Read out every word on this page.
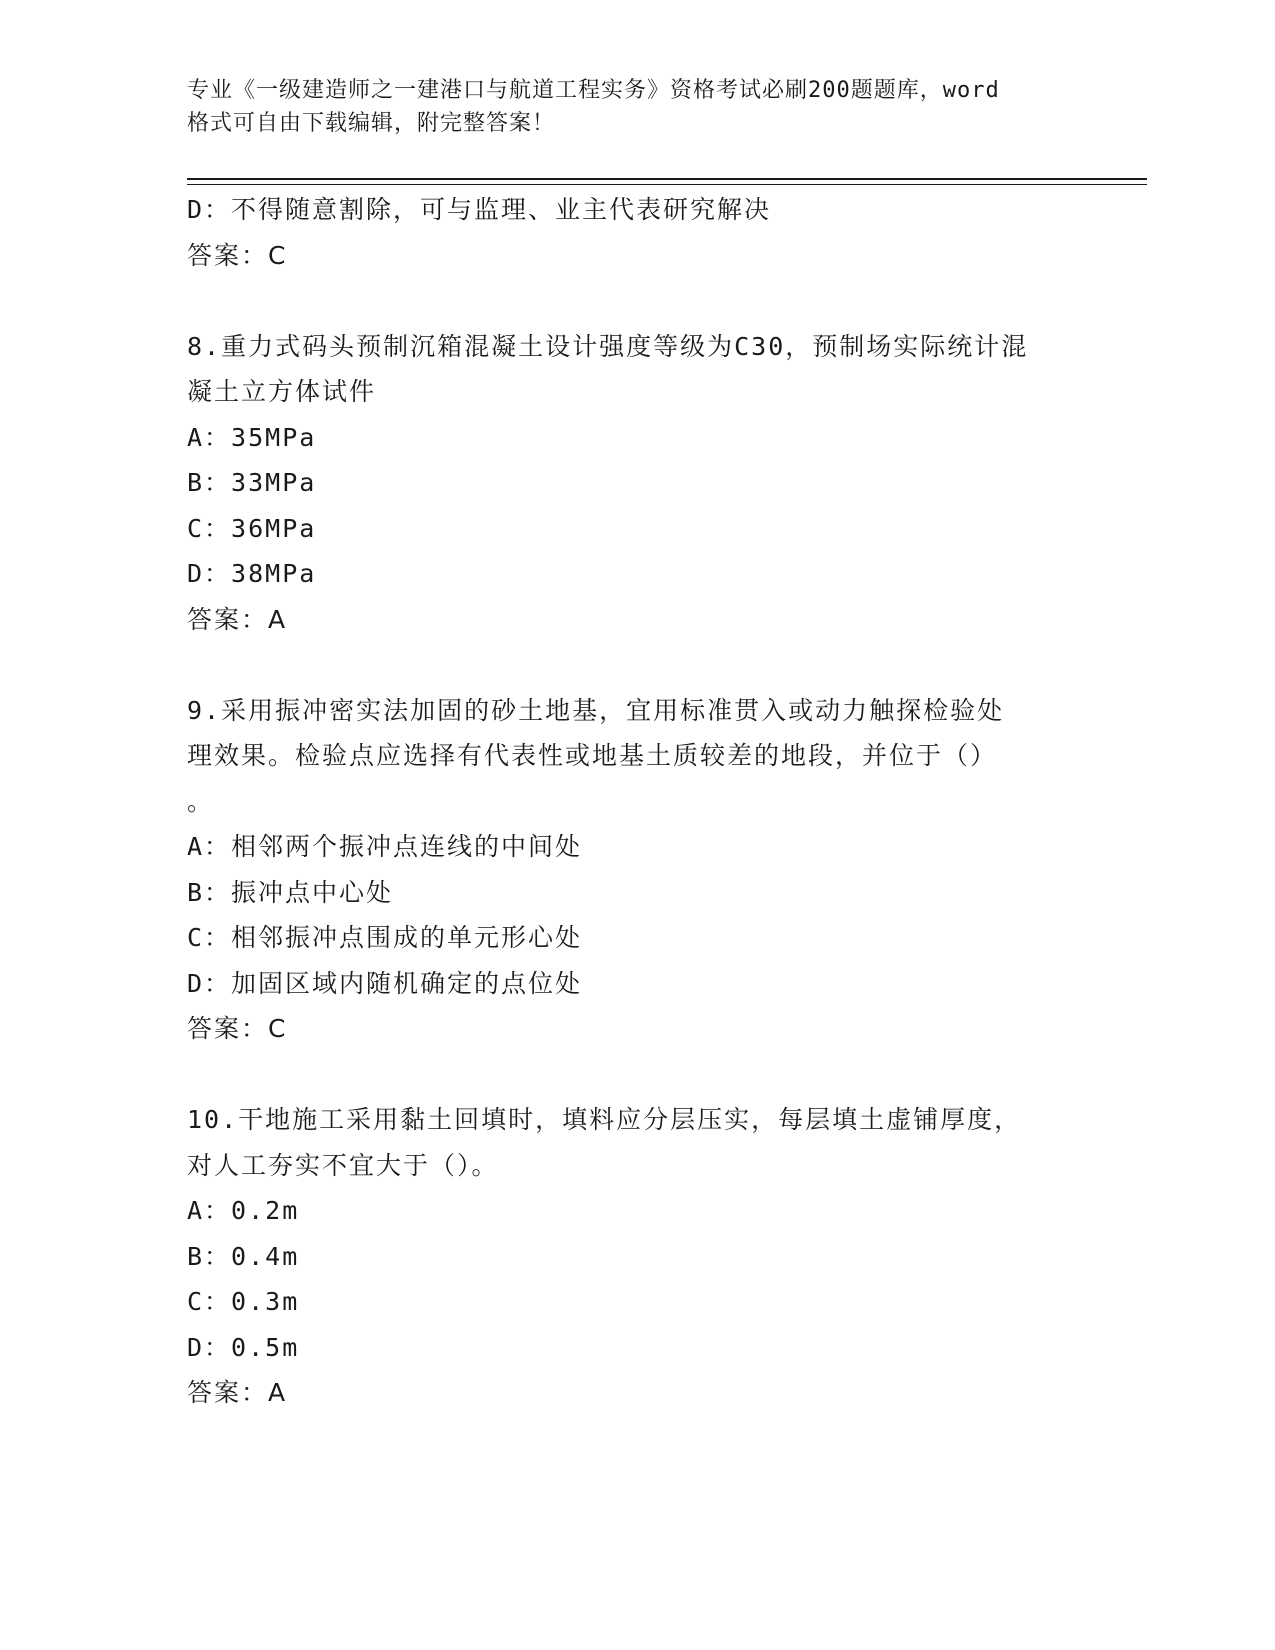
专业《一级建造师之一建港口与航道工程实务》资格考试必刷200题题库，word
格式可自由下载编辑，附完整答案！
D：不得随意割除，可与监理、业主代表研究解决
答案：C
8.重力式码头预制沉箱混凝土设计强度等级为C30，预制场实际统计混
凝土立方体试件
A：35MPa
B：33MPa
C：36MPa
D：38MPa
答案：A
9.采用振冲密实法加固的砂土地基，宜用标准贯入或动力触探检验处
理效果。检验点应选择有代表性或地基土质较差的地段，并位于（）
。
A：相邻两个振冲点连线的中间处
B：振冲点中心处
C：相邻振冲点围成的单元形心处
D：加固区域内随机确定的点位处
答案：C
10.干地施工采用黏土回填时，填料应分层压实，每层填土虚铺厚度，
对人工夯实不宜大于（）。
A：0.2m
B：0.4m
C：0.3m
D：0.5m
答案：A
